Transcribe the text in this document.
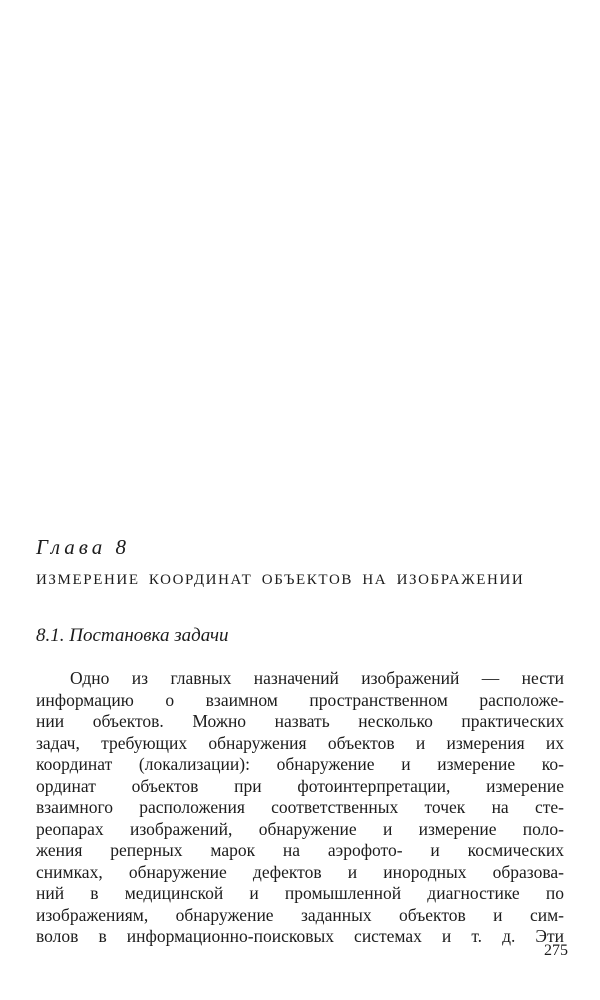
Глава 8
ИЗМЕРЕНИЕ КООРДИНАТ ОБЪЕКТОВ НА ИЗОБРАЖЕНИИ
8.1. Постановка задачи
Одно из главных назначений изображений — нести
информацию о взаимном пространственном расположе-
нии объектов. Можно назвать несколько практических
задач, требующих обнаружения объектов и измерения их
координат (локализации): обнаружение и измерение ко-
ординат объектов при фотоинтерпретации, измерение
взаимного расположения соответственных точек на сте-
реопарах изображений, обнаружение и измерение поло-
жения реперных марок на аэрофото- и космических
снимках, обнаружение дефектов и инородных образова-
ний в медицинской и промышленной диагностике по
изображениям, обнаружение заданных объектов и сим-
волов в информационно-поисковых системах и т. д. Эти
275
